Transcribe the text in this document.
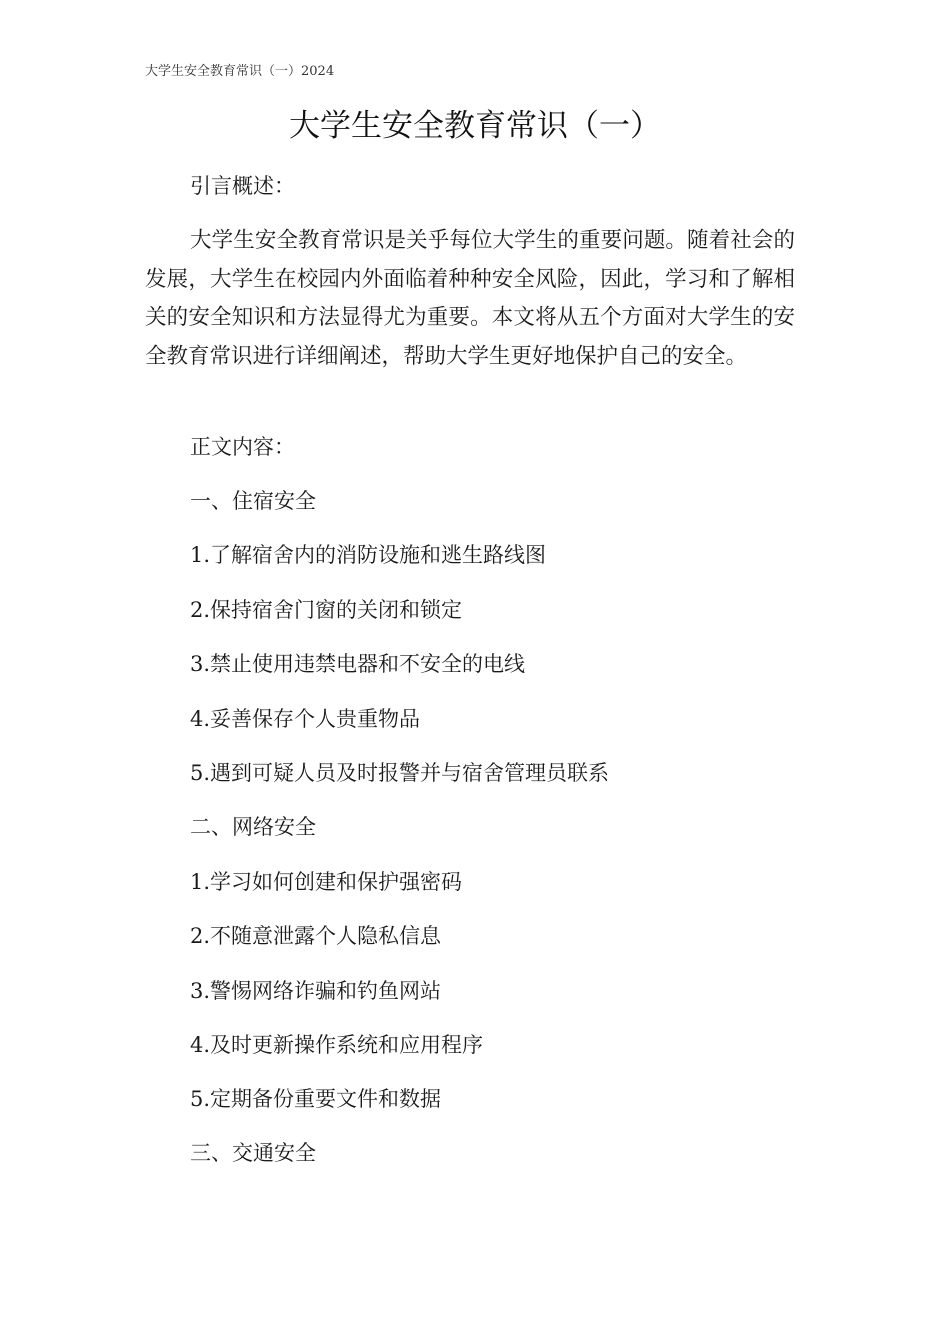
大学生安全教育常识（一）2024
大学生安全教育常识（一）
引言概述：

大学生安全教育常识是关乎每位大学生的重要问题。随着社会的发展，大学生在校园内外面临着种种安全风险，因此，学习和了解相关的安全知识和方法显得尤为重要。本文将从五个方面对大学生的安全教育常识进行详细阐述，帮助大学生更好地保护自己的安全。

正文内容：
一、住宿安全
1.了解宿舍内的消防设施和逃生路线图
2.保持宿舍门窗的关闭和锁定
3.禁止使用违禁电器和不安全的电线
4.妥善保存个人贵重物品
5.遇到可疑人员及时报警并与宿舍管理员联系
二、网络安全
1.学习如何创建和保护强密码
2.不随意泄露个人隐私信息
3.警惕网络诈骗和钓鱼网站
4.及时更新操作系统和应用程序
5.定期备份重要文件和数据
三、交通安全
